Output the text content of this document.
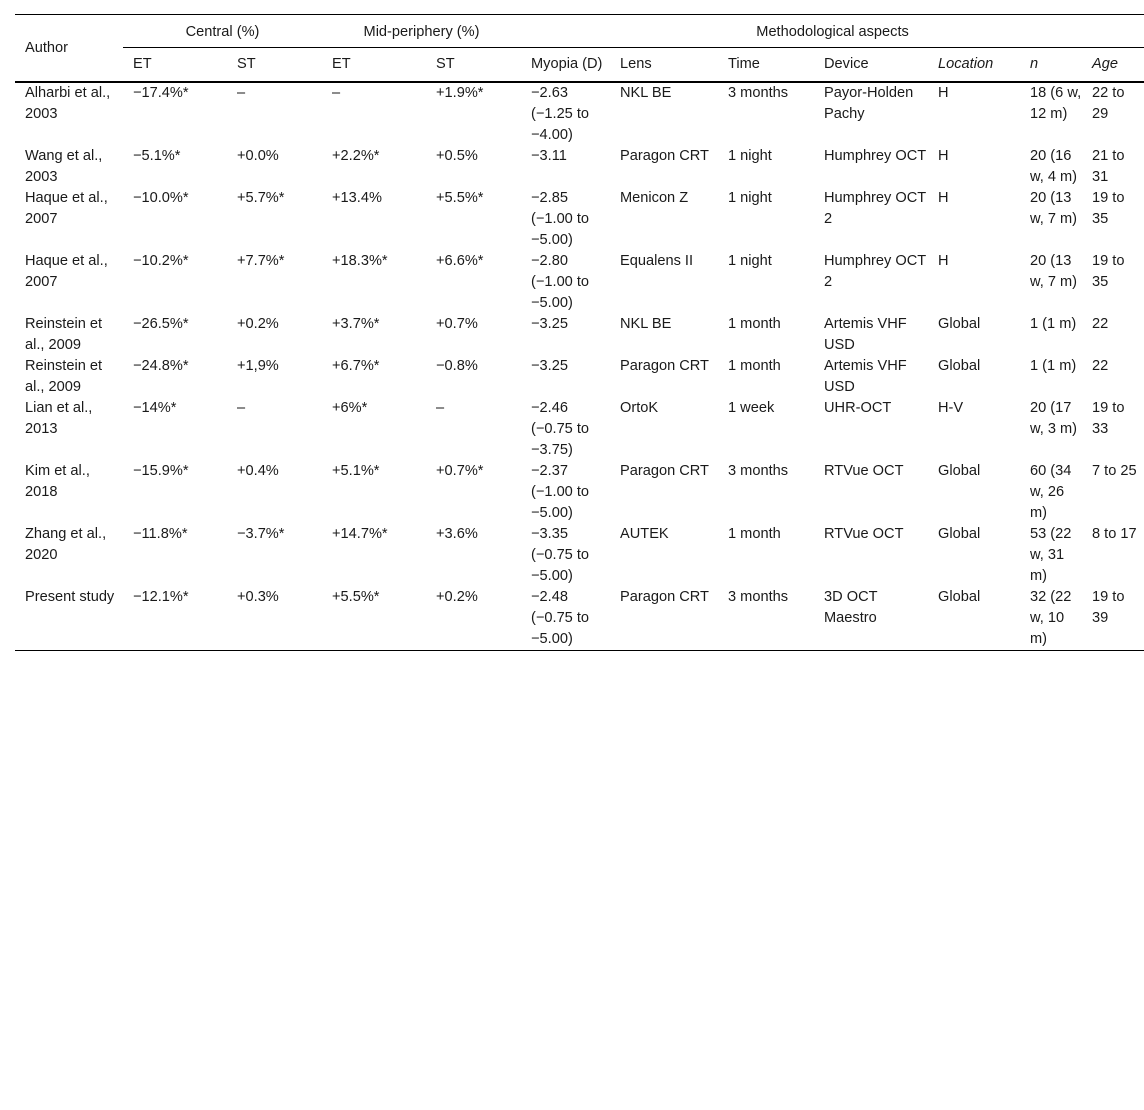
Author	Central (%)		Mid-periphery (%)		Methodological aspects						
	ET	ST	ET	ST	Myopia (D)	Lens	Time	Device	Location	n	Age
Alharbi et al., 2003	−17.4%*	–	–	+1.9%*	−2.63 (−1.25 to −4.00)	NKL BE	3 months	Payor-Holden Pachy	H	18 (6 w, 12 m)	22 to 29
Wang et al., 2003	−5.1%*	+0.0%	+2.2%*	+0.5%	−3.11	Paragon CRT	1 night	Humphrey OCT	H	20 (16 w, 4 m)	21 to 31
Haque et al., 2007	−10.0%*	+5.7%*	+13.4%	+5.5%*	−2.85 (−1.00 to −5.00)	Menicon Z	1 night	Humphrey OCT 2	H	20 (13 w, 7 m)	19 to 35
Haque et al., 2007	−10.2%*	+7.7%*	+18.3%*	+6.6%*	−2.80 (−1.00 to −5.00)	Equalens II	1 night	Humphrey OCT 2	H	20 (13 w, 7 m)	19 to 35
Reinstein et al., 2009	−26.5%*	+0.2%	+3.7%*	+0.7%	−3.25	NKL BE	1 month	Artemis VHF USD	Global	1 (1 m)	22
Reinstein et al., 2009	−24.8%*	+1,9%	+6.7%*	−0.8%	−3.25	Paragon CRT	1 month	Artemis VHF USD	Global	1 (1 m)	22
Lian et al., 2013	−14%*	–	+6%*	–	−2.46 (−0.75 to −3.75)	OrtoK	1 week	UHR-OCT	H-V	20 (17 w, 3 m)	19 to 33
Kim et al., 2018	−15.9%*	+0.4%	+5.1%*	+0.7%*	−2.37 (−1.00 to −5.00)	Paragon CRT	3 months	RTVue OCT	Global	60 (34 w, 26 m)	7 to 25
Zhang et al., 2020	−11.8%*	−3.7%*	+14.7%*	+3.6%	−3.35 (−0.75 to −5.00)	AUTEK	1 month	RTVue OCT	Global	53 (22 w, 31 m)	8 to 17
Present study	−12.1%*	+0.3%	+5.5%*	+0.2%	−2.48 (−0.75 to −5.00)	Paragon CRT	3 months	3D OCT Maestro	Global	32 (22 w, 10 m)	19 to 39
